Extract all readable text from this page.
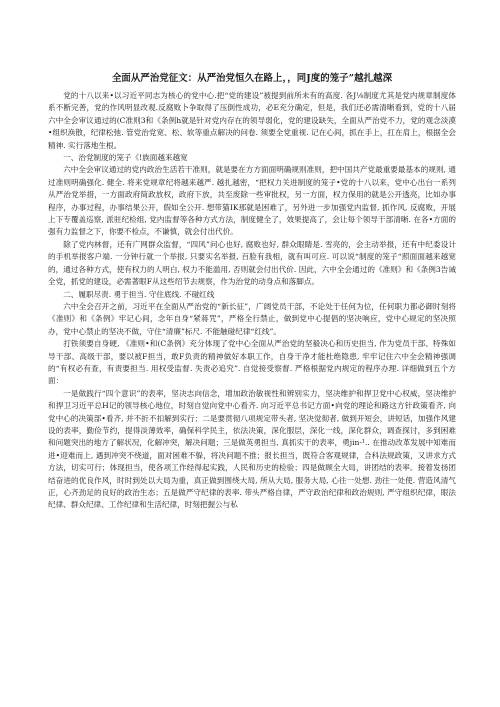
全面从严治党征文：从严治党恒久在路上，，同J度的笼子”越扎越深

党的十八以来•以习近平同志为核心的党中心.把“党的建设”被提到前所未有的高度. 各J⅛制度尤其是党内规章制度体系不断完善，党的作风明显改观.反腐败卜争取得了压倒性成功，必E充分确定，但是，我们还必需清晰看到，党的十八届六中全会审议通过的(C准则3和《条例h就是针对党内存在的领导弱化，党的建设缺失，全面从严治党不力，党的观念淡漠•组织涣散，纪律松弛. 管党治党宽、松、软等重点解决的问卷. 须要全党重视. 记在心间，抓在手上，扛在肩上，根据全会精神. 实行落地生根。

一、治党制度的笼子《!族面越来越宽

六中全会审议通过的党内政治生活若干准则，就是要在方方面面明确规则准则，把中国共产党最重要最基本的规则, 通过准则明确强化. 健全. 将来党规章纪将越来越严. 越扎越密，“把权力关进制度的笼子•党的十八以来，党中心出台一系列从严治党举措，一方面政府简政放权，政府下放，共至废除一些审批权，另一方面，权力保用的就是公开透亮，比如办事程序，办事过程，办事结果公开，假如全公开. 想带猫IK那就是困难了，另外进一步加强党内监督, 抓作风, 反腐败，开展上下专覆盖巡察, 派驻纪检组, 党内监督等各种方式方法，制度健全了，效果提高了，会让每个领导干部清晰. 在各•方面的强有力监督之下，你要不检点，不谦慎，就会付出代价。

除了党内林督，还有广网群众监督，“四风”问心也好, 腐败也好, 群众眼睛是. 雪亮的，会主动举报，还有中纪委设计的手机举报客户端. 一分钟行就一个举报, 只要实名举报, 百脸有我相，就有叫可应. 可以说“制度的笼子“照面面越来越宽的，通过各种方式，使有权力的人明白, 权力不能滥用, 否则就会付出代价. 因此，六中全会通过的《准则》和《条例3告诫全党，抓党的建设，必需著眼F从这些绍节去规察，作为治党的动身点和落脚点。

二、履职尽责. 勇于担当. 守住底线. 不碰红线

六中全会召开之前，习近平在全面从严治党的“新长征”，广阔党员干部，不论处于任何为位，任何职力都必御时刻将《准则》和《条例》牢记心间，念年自身“紧蒋咒”，严格全行禁止，做到党中心提倡的坚决响应，党中心规定的坚决照办，党中心禁止的坚决不做，守住“清廉”标尺. 不能触碰纪律“红线”。

打铁须要自身硬, 《准则•和(C条例》充分体现了党中心全面从严治党的坚毅决心和历史担当, 作为党员干部、特殊如导干部、高级干部，要以被F担当，敢F负责的精神做好本职工作，自身干净才能杜绝隐患, 牢牢记住六中全会精神强调的“有权必有查，有责要担当. 用权受监督. 失责必追究”. 自觉接受察督. 严格根据党内规定的程序办理. 详细做到五个方面：

一是做践行“四个意识”的表率，坚决志向信念，增加政治敏视性和辨别实力，坚决维护和捍卫党中心权威，坚决维护和捍卫习近平总H记的领导核心地位，时刻自觉向党中心看齐. 向习近平总书记方面•向党的理论和路这方针政策看齐, 向党中心的决策部•看齐, 并不折不扣解到实行；二是要贯彻八项规定带头者, 坚决觉彻者, 做到开短会，讲短话，加强作风建设的表率，勤俭节约，提得淡薄效率，确保科学民主，依法决策，深化服层，深化一线，深化群众，调查探讨，多到困难和问题突出的地方了解状况，化解冲突，解决问题；三是做英勇担当, 真抓实干的表率，勇jin-¹.. 在推动改革发展中知难而进•迎难而上, 遇到冲突不绕道，面对困难不躲，将决问题不推；报长担当，既符合客观规律，合科法规政策，又讲求方式方法，切实可行；体现担当，使各项工作经得起实践，人民和历史的检验；四是做顾全大局，讲团结的表率。接着发扬团结奋进的优良作风，时时到处以大局为重，真正做到围绕大局, 所从大局, 服务大局, 心往一处想. 劲往一处使. 营造风清气正，心齐劲足的良好的政治生态；五是做严守纪律的表率. 带头严格自律，严守政治纪律和政治规则, 严守组织纪律，眼法纪律、群众纪律、工作纪律和生活纪律，时刻把握公与私
